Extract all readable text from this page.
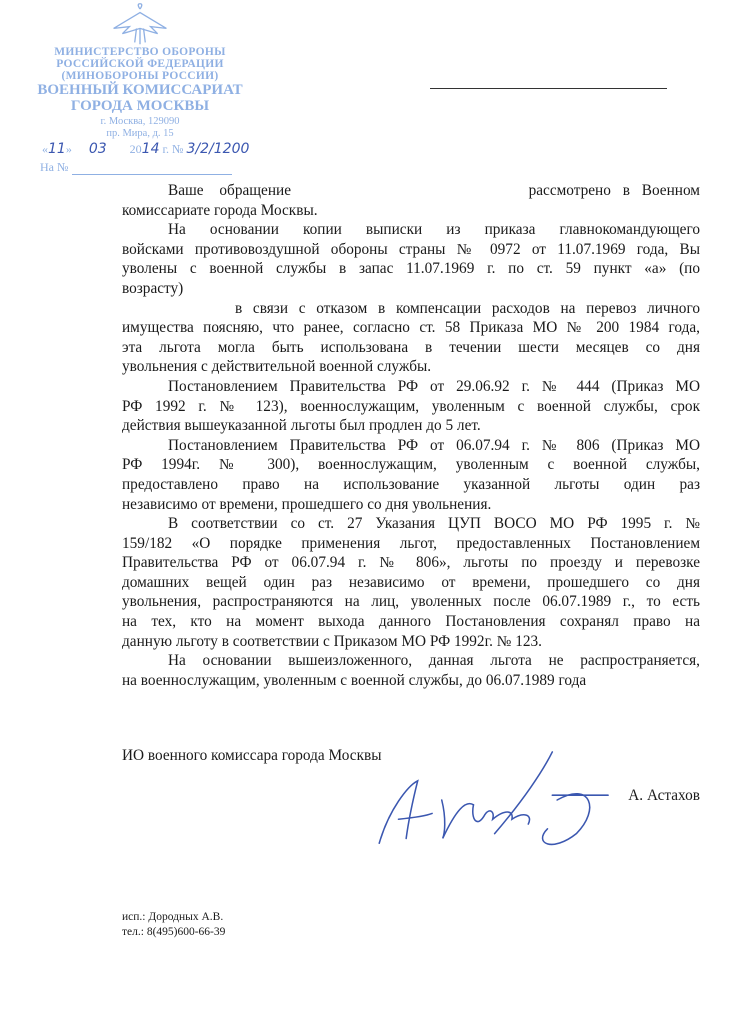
МИНИСТЕРСТВО ОБОРОНЫ
РОССИЙСКОЙ ФЕДЕРАЦИИ
(МИНОБОРОНЫ РОССИИ)
ВОЕННЫЙ КОМИССАРИАТ
ГОРОДА МОСКВЫ
г. Москва, 129090
пр. Мира, д. 15
«11» 03 2014 г. № 3/2/1200
На №
Ваше обращение	рассмотрено в Военном
комиссариате города Москвы.
На основании копии выписки из приказа главнокомандующего
войсками противовоздушной обороны страны № 0972 от 11.07.1969 года, Вы
уволены с военной службы в запас 11.07.1969 г. по ст. 59 пункт «а» (по
возрасту)
в связи с отказом в компенсации расходов на перевоз личного
имущества поясняю, что ранее, согласно ст. 58 Приказа МО № 200 1984 года,
эта льгота могла быть использована в течении шести месяцев со дня
увольнения с действительной военной службы.
Постановлением Правительства РФ от 29.06.92 г. № 444 (Приказ МО
РФ 1992 г. № 123), военнослужащим, уволенным с военной службы, срок
действия вышеуказанной льготы был продлен до 5 лет.
Постановлением Правительства РФ от 06.07.94 г. № 806 (Приказ МО
РФ 1994г. № 300), военнослужащим, уволенным с военной службы,
предоставлено право на использование указанной льготы один раз
независимо от времени, прошедшего со дня увольнения.
В соответствии со ст. 27 Указания ЦУП ВОСО МО РФ 1995 г. №
159/182 «О порядке применения льгот, предоставленных Постановлением
Правительства РФ от 06.07.94 г. № 806», льготы по проезду и перевозке
домашних вещей один раз независимо от времени, прошедшего со дня
увольнения, распространяются на лиц, уволенных после 06.07.1989 г., то есть
на тех, кто на момент выхода данного Постановления сохранял право на
данную льготу в соответствии с Приказом МО РФ 1992г. № 123.
На основании вышеизложенного, данная льгота не распространяется,
на военнослужащим, уволенным с военной службы, до 06.07.1989 года
ИО военного комиссара города Москвы
А. Астахов
исп.: Дородных А.В.
тел.: 8(495)600-66-39
